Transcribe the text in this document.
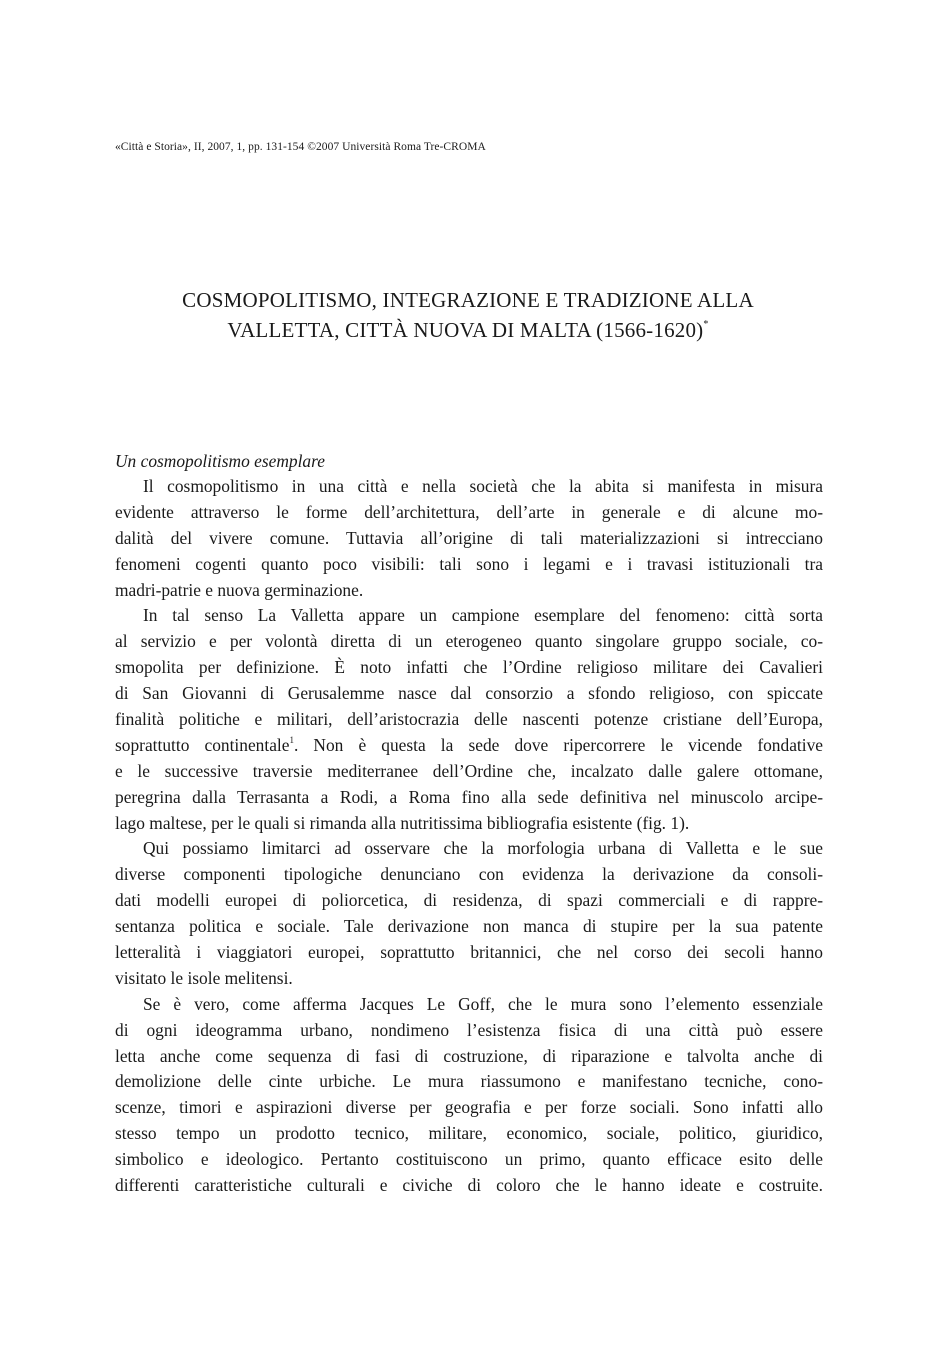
«Città e Storia», II, 2007, 1, pp. 131-154 ©2007 Università Roma Tre-CROMA
COSMOPOLITISMO, INTEGRAZIONE E TRADIZIONE ALLA
VALLETTA, CITTÀ NUOVA DI MALTA (1566-1620)*
Un cosmopolitismo esemplare
Il cosmopolitismo in una città e nella società che la abita si manifesta in misura
evidente attraverso le forme dell’architettura, dell’arte in generale e di alcune mo-
dalità del vivere comune. Tuttavia all’origine di tali materializzazioni si intrecciano
fenomeni cogenti quanto poco visibili: tali sono i legami e i travasi istituzionali tra
madri-patrie e nuova germinazione.
In tal senso La Valletta appare un campione esemplare del fenomeno: città sorta
al servizio e per volontà diretta di un eterogeneo quanto singolare gruppo sociale, co-
smopolita per definizione. È noto infatti che l’Ordine religioso militare dei Cavalieri
di San Giovanni di Gerusalemme nasce dal consorzio a sfondo religioso, con spiccate
finalità politiche e militari, dell’aristocrazia delle nascenti potenze cristiane dell’Europa,
soprattutto continentale$^1$. Non è questa la sede dove ripercorrere le vicende fondative
e le successive traversie mediterranee dell’Ordine che, incalzato dalle galere ottomane,
peregrina dalla Terrasanta a Rodi, a Roma fino alla sede definitiva nel minuscolo arcipe-
lago maltese, per le quali si rimanda alla nutritissima bibliografia esistente (fig. 1).
Qui possiamo limitarci ad osservare che la morfologia urbana di Valletta e le sue
diverse componenti tipologiche denunciano con evidenza la derivazione da consoli-
dati modelli europei di poliorcetica, di residenza, di spazi commerciali e di rappre-
sentanza politica e sociale. Tale derivazione non manca di stupire per la sua patente
letteralità i viaggiatori europei, soprattutto britannici, che nel corso dei secoli hanno
visitato le isole melitensi.
Se è vero, come afferma Jacques Le Goff, che le mura sono l’elemento essenziale
di ogni ideogramma urbano, nondimeno l’esistenza fisica di una città può essere
letta anche come sequenza di fasi di costruzione, di riparazione e talvolta anche di
demolizione delle cinte urbiche. Le mura riassumono e manifestano tecniche, cono-
scenze, timori e aspirazioni diverse per geografia e per forze sociali. Sono infatti allo
stesso tempo un prodotto tecnico, militare, economico, sociale, politico, giuridico,
simbolico e ideologico. Pertanto costituiscono un primo, quanto efficace esito delle
differenti caratteristiche culturali e civiche di coloro che le hanno ideate e costruite.
